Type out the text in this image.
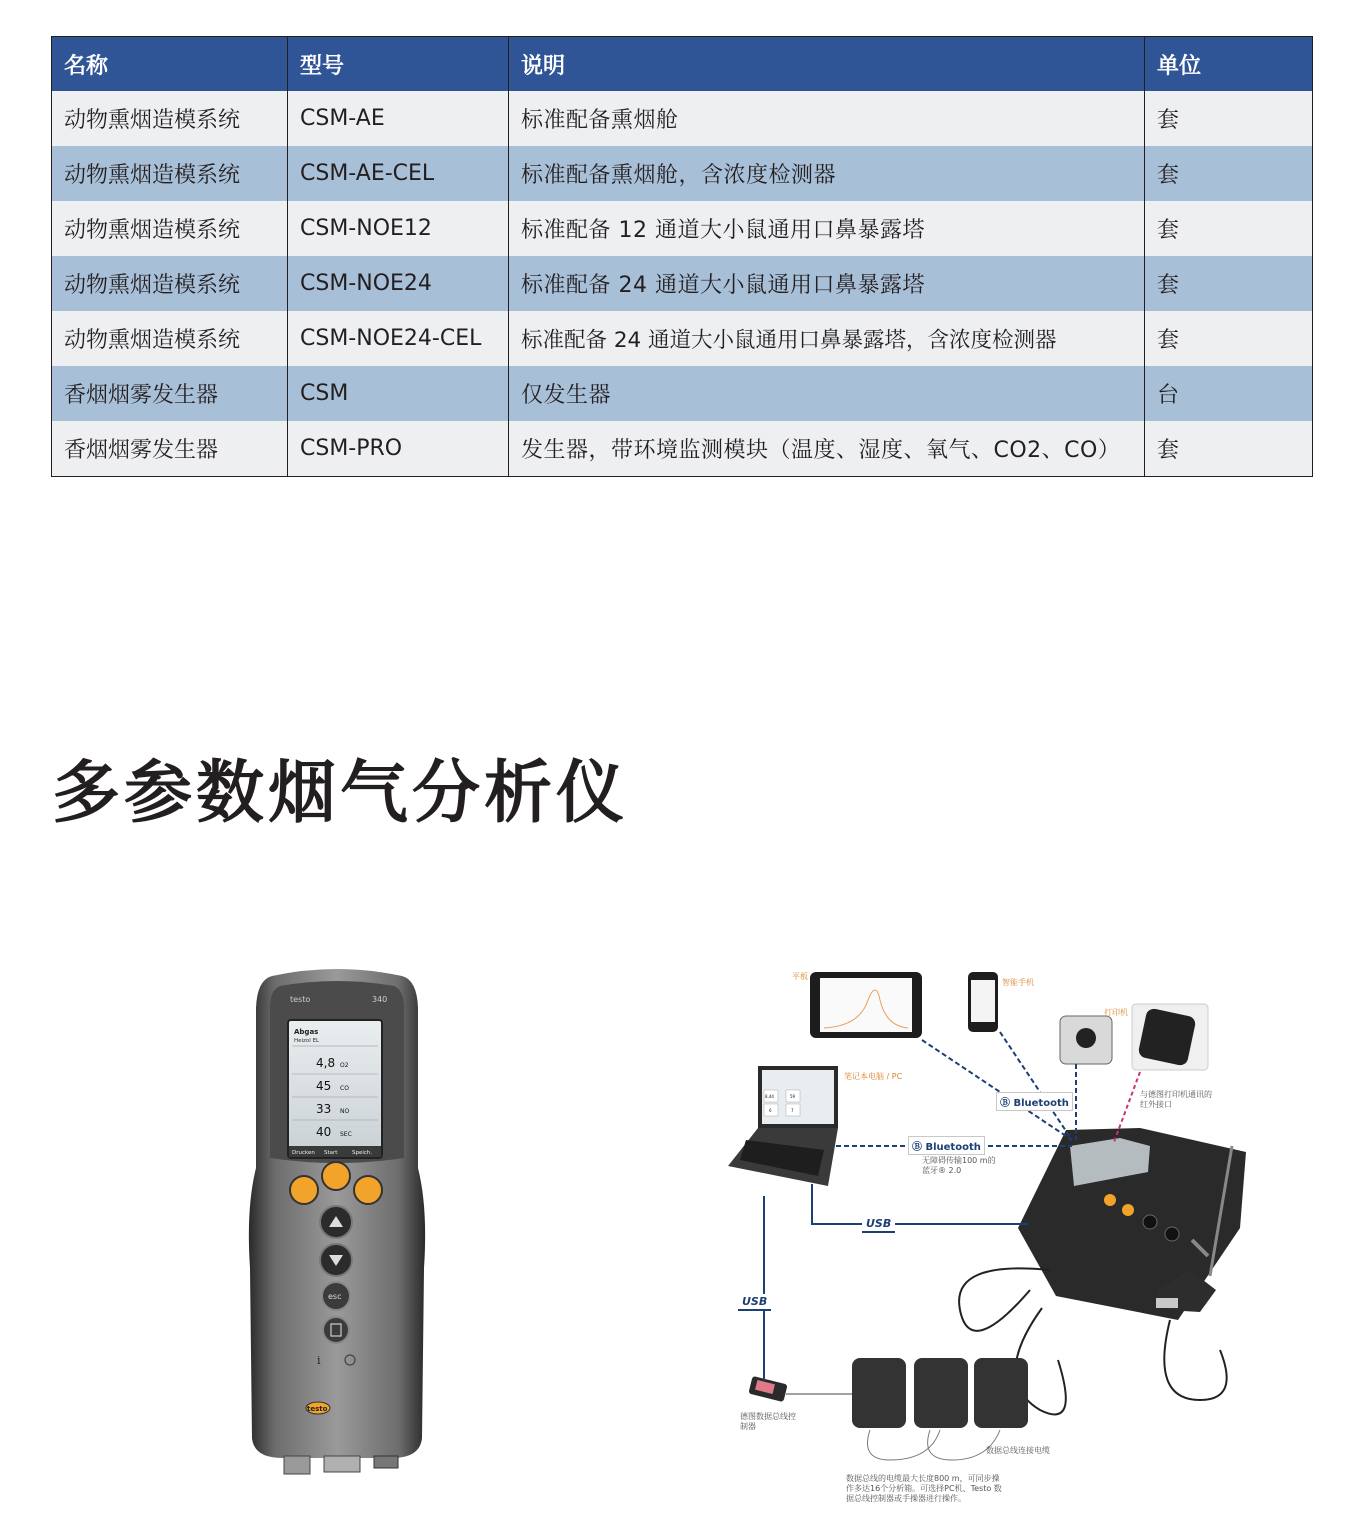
名称	型号	说明	单位
动物熏烟造模系统	CSM-AE	标准配备熏烟舱	套
动物熏烟造模系统	CSM-AE-CEL	标准配备熏烟舱，含浓度检测器	套
动物熏烟造模系统	CSM-NOE12	标准配备 12 通道大小鼠通用口鼻暴露塔	套
动物熏烟造模系统	CSM-NOE24	标准配备 24 通道大小鼠通用口鼻暴露塔	套
动物熏烟造模系统	CSM-NOE24-CEL	标准配备 24 通道大小鼠通用口鼻暴露塔，含浓度检测器	套
香烟烟雾发生器	CSM	仅发生器	台
香烟烟雾发生器	CSM-PRO	发生器，带环境监测模块（温度、湿度、氧气、CO2、CO）	套
多参数烟气分析仪
testo	340
Abgas
Heizol EL
4,8 O2
45 CO
33 NO
40 SEC
Drucken Start	Speich.
esc
i
testo
8,44	59
6	7
平板
智能手机
打印机
笔记本电脑 / PC
与德图打印机通讯的
红外接口
Ⓑ Bluetooth
Ⓑ Bluetooth
无障碍传输100 m的
蓝牙® 2.0
USB
USB
德图数据总线控
制器
数据总线连接电缆
数据总线的电缆最大长度800 m，可同步操
作多达16个分析箱。可选择PC机、Testo 数
据总线控制器或手操器进行操作。
